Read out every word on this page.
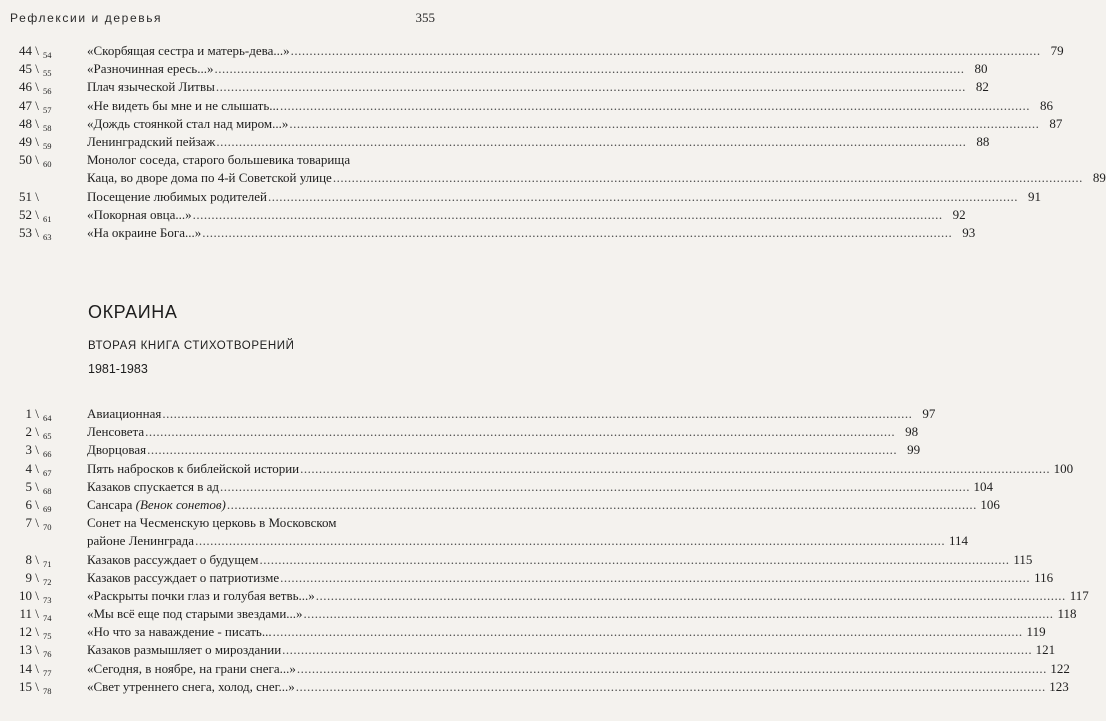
Рефлексии и деревья	355
44 \ $_{54}$	«Скорбящая сестра и матерь-дева...» ........................................................................................................................................................................................................ 79
45 \ $_{55}$	«Разночинная ересь...» ........................................................................................................................................................................................................ 80
46 \ $_{56}$	Плач языческой Литвы ........................................................................................................................................................................................................ 82
47 \ $_{57}$	«Не видеть бы мне и не слышать... ........................................................................................................................................................................................................ 86
48 \ $_{58}$	«Дождь стоянкой стал над миром...» ........................................................................................................................................................................................................ 87
49 \ $_{59}$	Ленинградский пейзаж ........................................................................................................................................................................................................ 88
50 \ $_{60}$	Монолог соседа, старого большевика товарища
Каца, во дворе дома по 4-й Советской улице ........................................................................................................................................................................................................ 89
51 \	Посещение любимых родителей ........................................................................................................................................................................................................ 91
52 \ $_{61}$	«Покорная овца...» ........................................................................................................................................................................................................ 92
53 \ $_{63}$	«На окраине Бога...» ........................................................................................................................................................................................................ 93
ОКРАИНА
ВТОРАЯ КНИГА СТИХОТВОРЕНИЙ
1981-1983
1 \ $_{64}$	Авиационная ........................................................................................................................................................................................................ 97
2 \ $_{65}$	Ленсовета ........................................................................................................................................................................................................ 98
3 \ $_{66}$	Дворцовая ........................................................................................................................................................................................................ 99
4 \ $_{67}$	Пять набросков к библейской истории ........................................................................................................................................................................................................ 100
5 \ $_{68}$	Казаков спускается в ад ........................................................................................................................................................................................................ 104
6 \ $_{69}$	Сансара (Венок сонетов) ........................................................................................................................................................................................................ 106
7 \ $_{70}$	Сонет на Чесменскую церковь в Московском
районе Ленинграда ........................................................................................................................................................................................................ 114
8 \ $_{71}$	Казаков рассуждает о будущем ........................................................................................................................................................................................................ 115
9 \ $_{72}$	Казаков рассуждает о патриотизме ........................................................................................................................................................................................................ 116
10 \ $_{73}$	«Раскрыты почки глаз и голубая ветвь...» ........................................................................................................................................................................................................ 117
11 \ $_{74}$	«Мы всё еще под старыми звездами...» ........................................................................................................................................................................................................ 118
12 \ $_{75}$	«Но что за наваждение - писать... ........................................................................................................................................................................................................ 119
13 \ $_{76}$	Казаков размышляет о мироздании ........................................................................................................................................................................................................ 121
14 \ $_{77}$	«Сегодня, в ноябре, на грани снега...» ........................................................................................................................................................................................................ 122
15 \ $_{78}$	«Свет утреннего снега, холод, снег...» ........................................................................................................................................................................................................ 123
